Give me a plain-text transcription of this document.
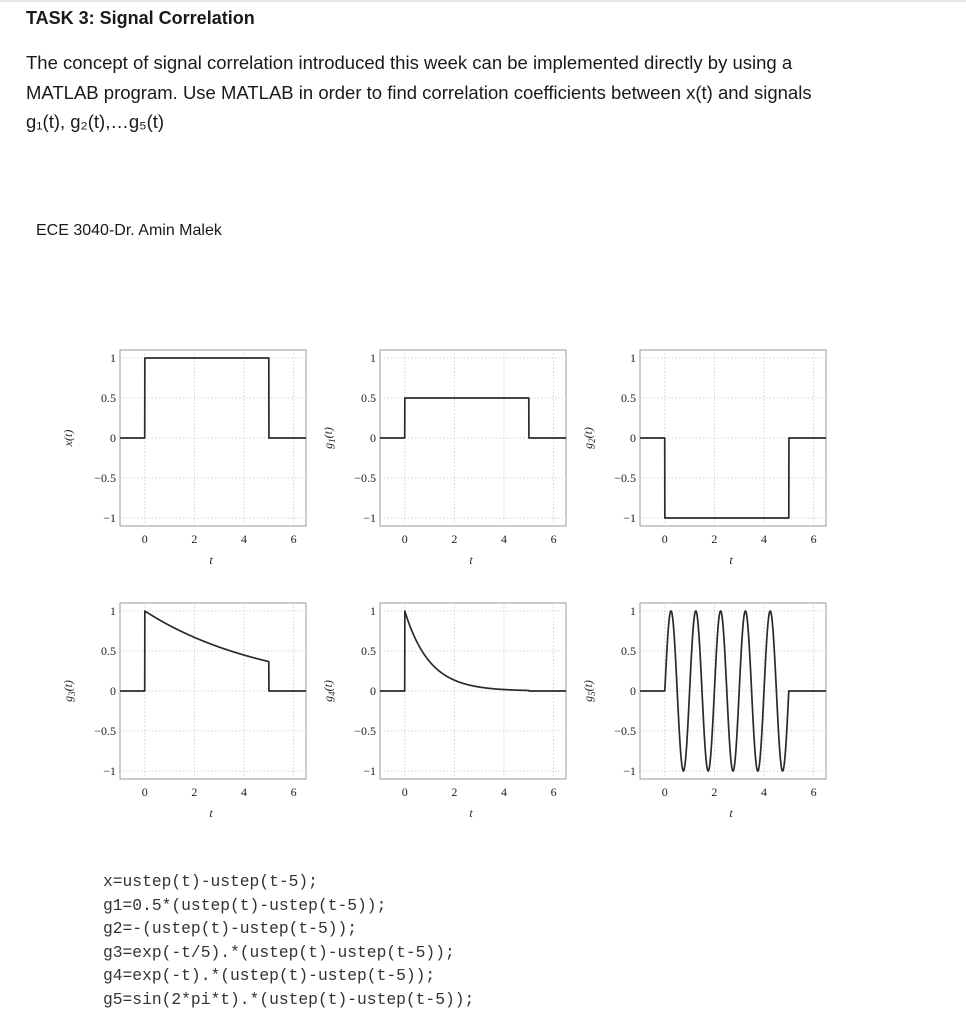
TASK 3: Signal Correlation
The concept of signal correlation introduced this week can be implemented directly by using a
MATLAB program. Use MATLAB in order to find correlation coefficients between x(t) and signals
g₁(t), g₂(t),…g₅(t)
ECE 3040-Dr. Amin Malek
0	2	4	6
1
0.5
0
−0.5
−1
t
x(t)
0	2	4	6
1
0.5
0
−0.5
−1
t
$g_1(t)$
0	2	4	6
1
0.5
0
−0.5
−1
t
$g_2(t)$
0	2	4	6
1
0.5
0
−0.5
−1
t
$g_3(t)$
0	2	4	6
1
0.5
0
−0.5
−1
t
$g_4(t)$
0	2	4	6
1
0.5
0
−0.5
−1
t
$g_5(t)$
x=ustep(t)-ustep(t-5);
g1=0.5*(ustep(t)-ustep(t-5));
g2=-(ustep(t)-ustep(t-5));
g3=exp(-t/5).*(ustep(t)-ustep(t-5));
g4=exp(-t).*(ustep(t)-ustep(t-5));
g5=sin(2*pi*t).*(ustep(t)-ustep(t-5));
